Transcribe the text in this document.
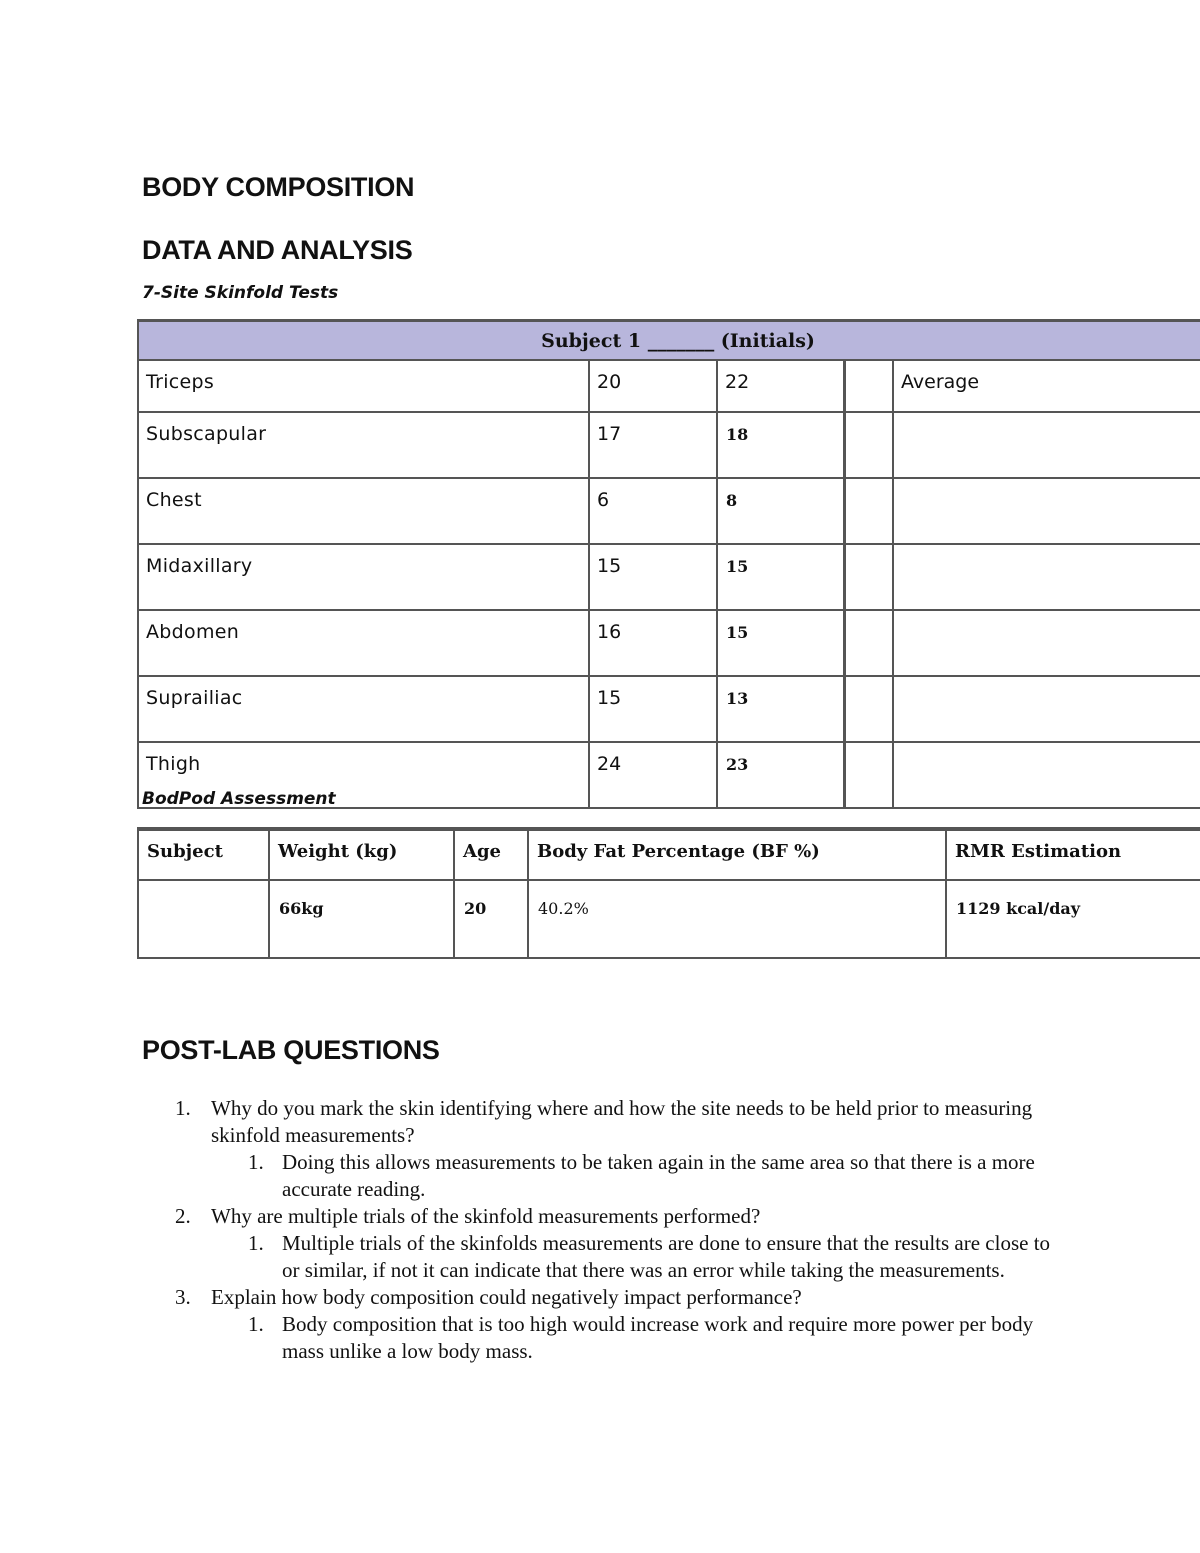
BODY COMPOSITION
DATA AND ANALYSIS
7-Site Skinfold Tests
Subject 1 _______ (Initials)				
Triceps	20	22		Average
Subscapular	17	18		
Chest	6	8		
Midaxillary	15	15		
Abdomen	16	15		
Suprailiac	15	13		
Thigh	24	23		
BodPod Assessment
Subject	Weight (kg)	Age	Body Fat Percentage (BF %)	RMR Estimation
	66kg	20	40.2%	1129 kcal/day
POST-LAB QUESTIONS
1. Why do you mark the skin identifying where and how the site needs to be held prior to measuring skinfold measurements?
1. Doing this allows measurements to be taken again in the same area so that there is a more accurate reading.
2. Why are multiple trials of the skinfold measurements performed?
1. Multiple trials of the skinfolds measurements are done to ensure that the results are close to or similar, if not it can indicate that there was an error while taking the measurements.
3. Explain how body composition could negatively impact performance?
1. Body composition that is too high would increase work and require more power per body mass unlike a low body mass.
